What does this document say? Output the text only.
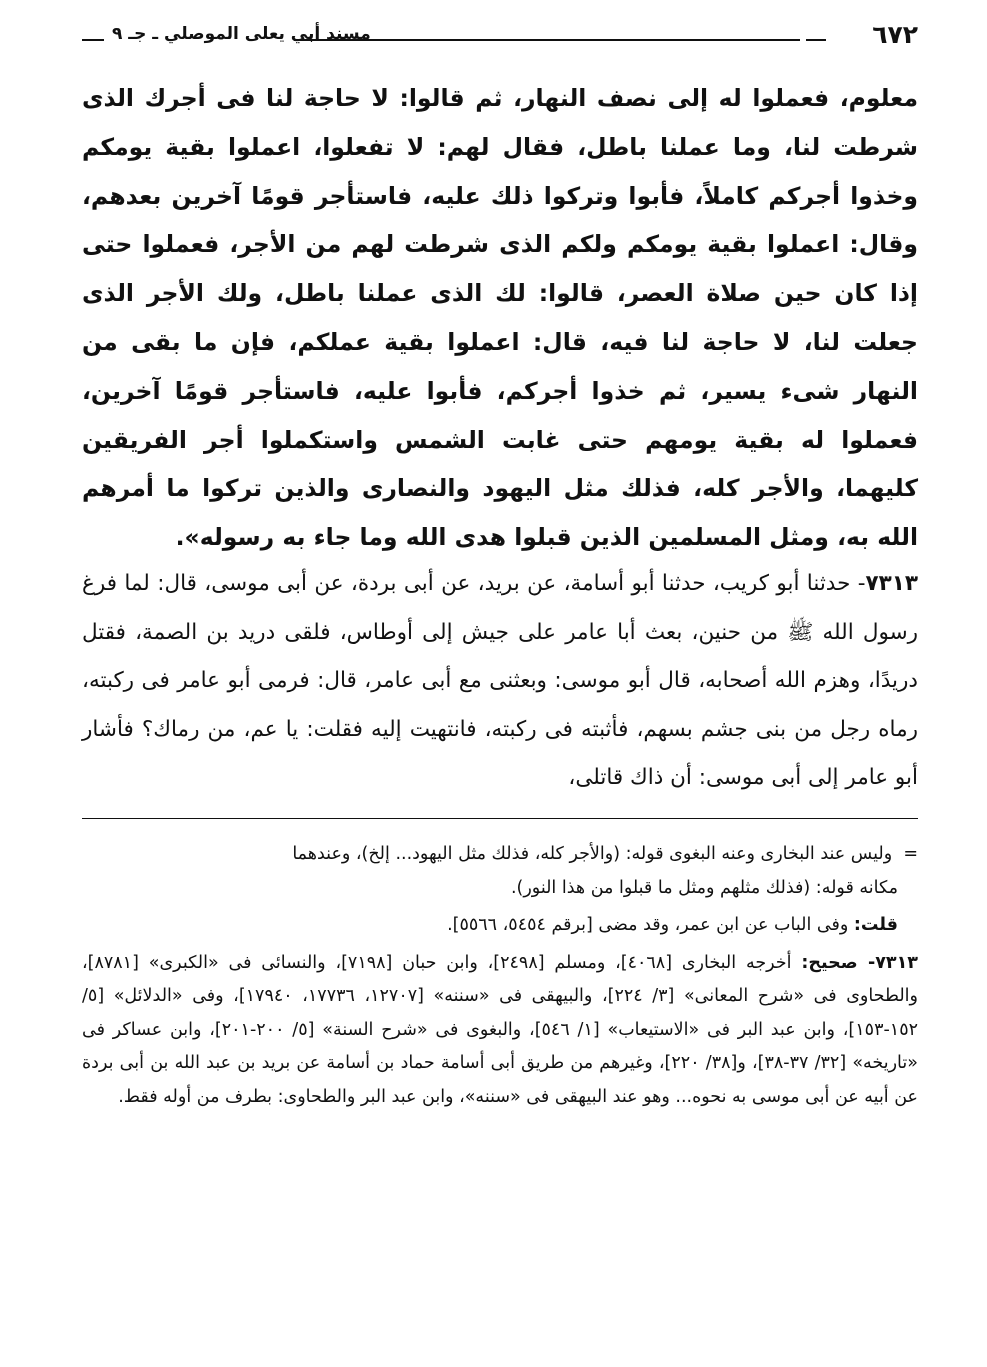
٦٧٢
مسند أبي يعلى الموصلي ـ جـ ٩

معلوم، فعملوا له إلى نصف النهار، ثم قالوا: لا حاجة لنا فى أجرك الذى شرطت لنا، وما عملنا باطل، فقال لهم: لا تفعلوا، اعملوا بقية يومكم وخذوا أجركم كاملاً، فأبوا وتركوا ذلك عليه، فاستأجر قومًا آخرين بعدهم، وقال: اعملوا بقية يومكم ولكم الذى شرطت لهم من الأجر، فعملوا حتى إذا كان حين صلاة العصر، قالوا: لك الذى عملنا باطل، ولك الأجر الذى جعلت لنا، لا حاجة لنا فيه، قال: اعملوا بقية عملكم، فإن ما بقى من النهار شىء يسير، ثم خذوا أجركم، فأبوا عليه، فاستأجر قومًا آخرين، فعملوا له بقية يومهم حتى غابت الشمس واستكملوا أجر الفريقين كليهما، والأجر كله، فذلك مثل اليهود والنصارى والذين تركوا ما أمرهم الله به، ومثل المسلمين الذين قبلوا هدى الله وما جاء به رسوله».

٧٣١٣- حدثنا أبو كريب، حدثنا أبو أسامة، عن بريد، عن أبى بردة، عن أبى موسى، قال: لما فرغ رسول الله ﷺ من حنين، بعث أبا عامر على جيش إلى أوطاس، فلقى دريد بن الصمة، فقتل دريدًا، وهزم الله أصحابه، قال أبو موسى: وبعثنى مع أبى عامر، قال: فرمى أبو عامر فى ركبته، رماه رجل من بنى جشم بسهم، فأثبته فى ركبته، فانتهيت إليه فقلت: يا عم، من رماك؟ فأشار أبو عامر إلى أبى موسى: أن ذاك قاتلى،

=  وليس عند البخارى وعنه البغوى قوله: (والأجر كله، فذلك مثل اليهود... إلخ)، وعندهما
مكانه قوله: (فذلك مثلهم ومثل ما قبلوا من هذا النور).

قلت: وفى الباب عن ابن عمر، وقد مضى [برقم ٥٤٥٤، ٥٥٦٦].

٧٣١٣- صحيح: أخرجه البخارى [٤٠٦٨]، ومسلم [٢٤٩٨]، وابن حبان [٧١٩٨]، والنسائى فى «الكبرى» [٨٧٨١]، والطحاوى فى «شرح المعانى» [٣/ ٢٢٤]، والبيهقى فى «سننه» [١٢٧٠٧، ١٧٧٣٦، ١٧٩٤٠]، وفى «الدلائل» [٥/ ١٥٢-١٥٣]، وابن عبد البر فى «الاستيعاب» [١/ ٥٤٦]، والبغوى فى «شرح السنة» [٥/ ٢٠٠-٢٠١]، وابن عساكر فى «تاريخه» [٣٢/ ٣٧-٣٨]، و[٣٨/ ٢٢٠]، وغيرهم من طريق أبى أسامة حماد بن أسامة عن بريد بن عبد الله بن أبى بردة عن أبيه عن أبى موسى به نحوه... وهو عند البيهقى فى «سننه»، وابن عبد البر والطحاوى: بطرف من أوله فقط.
